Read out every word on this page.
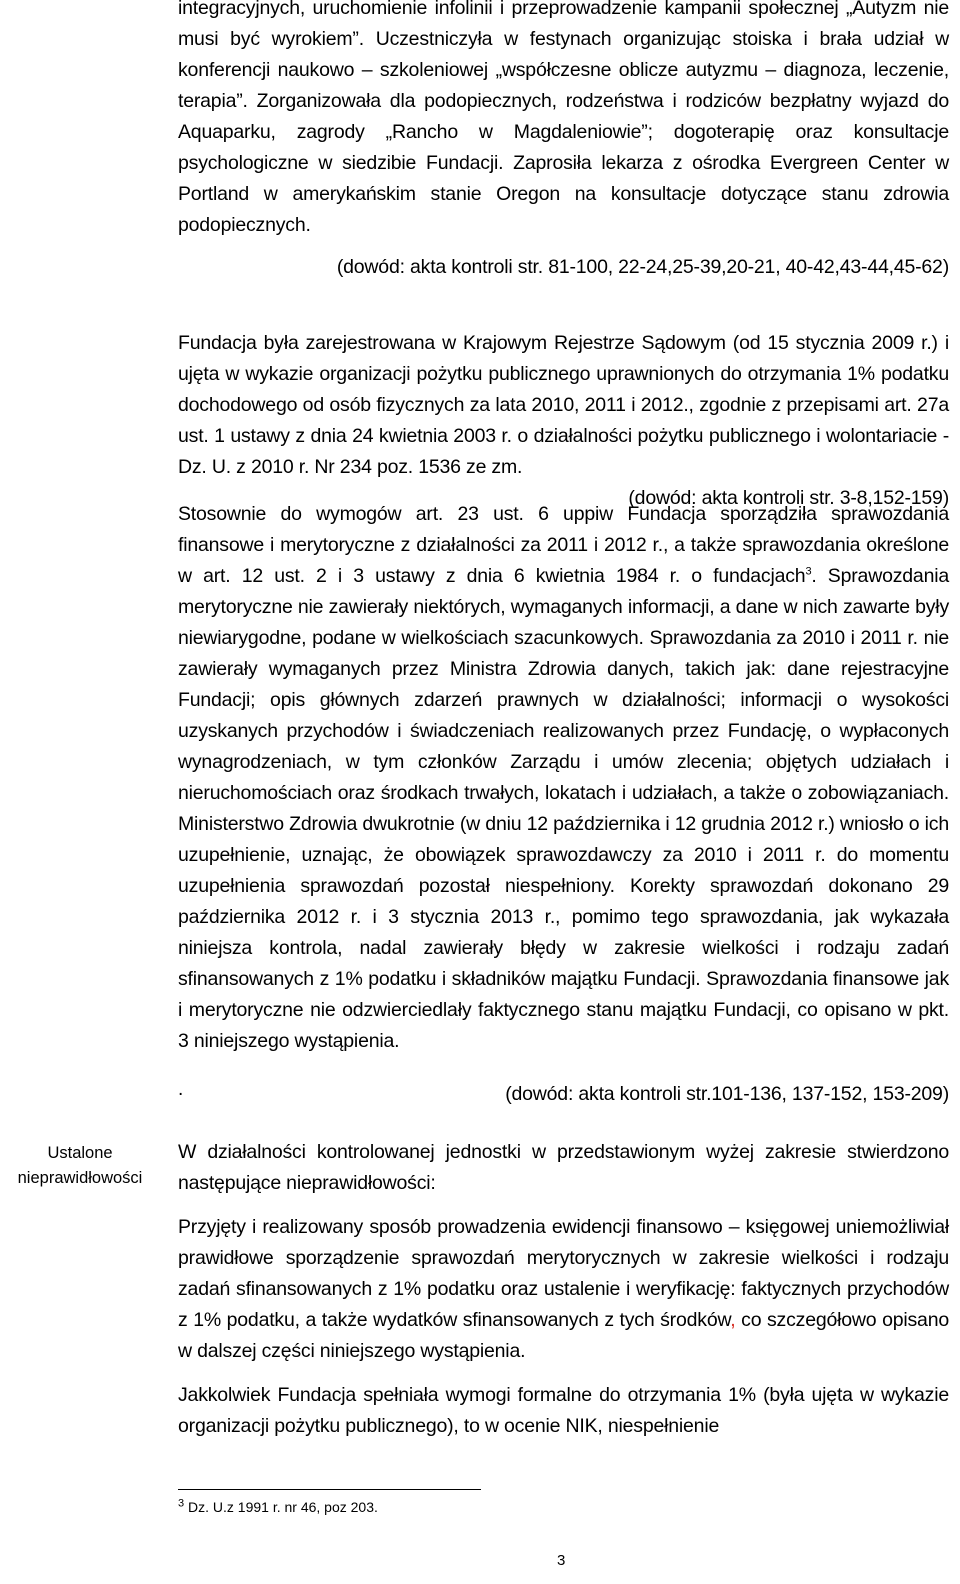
integracyjnych, uruchomienie infolinii i przeprowadzenie kampanii społecznej „Autyzm nie musi być wyrokiem”. Uczestniczyła w festynach organizując stoiska i brała udział w konferencji naukowo – szkoleniowej „współczesne oblicze autyzmu – diagnoza, leczenie, terapia”. Zorganizowała dla podopiecznych, rodzeństwa i rodziców bezpłatny wyjazd do Aquaparku, zagrody „Rancho w Magdaleniowie”; dogoterapię oraz konsultacje psychologiczne w siedzibie Fundacji. Zaprosiła lekarza z ośrodka Evergreen Center w Portland w amerykańskim stanie Oregon na konsultacje dotyczące stanu zdrowia podopiecznych.

(dowód: akta kontroli str. 81-100, 22-24,25-39,20-21, 40-42,43-44,45-62)

Fundacja była zarejestrowana w Krajowym Rejestrze Sądowym (od 15 stycznia 2009 r.) i ujęta w wykazie organizacji pożytku publicznego uprawnionych do otrzymania 1% podatku dochodowego od osób fizycznych za lata 2010, 2011 i 2012., zgodnie z przepisami art. 27a ust. 1 ustawy z dnia 24 kwietnia 2003 r. o działalności pożytku publicznego i wolontariacie - Dz. U. z 2010 r. Nr 234 poz. 1536 ze zm.

(dowód: akta kontroli str. 3-8,152-159)

Stosownie do wymogów art. 23 ust. 6 uppiw Fundacja sporządziła sprawozdania finansowe i merytoryczne z działalności za 2011 i 2012 r., a także sprawozdania określone w art. 12 ust. 2 i 3 ustawy z dnia 6 kwietnia 1984 r. o fundacjach$^3$. Sprawozdania merytoryczne nie zawierały niektórych, wymaganych informacji, a dane w nich zawarte były niewiarygodne, podane w wielkościach szacunkowych. Sprawozdania za 2010 i 2011 r. nie zawierały wymaganych przez Ministra Zdrowia danych, takich jak: dane rejestracyjne Fundacji; opis głównych zdarzeń prawnych w działalności; informacji o wysokości uzyskanych przychodów i świadczeniach realizowanych przez Fundację, o wypłaconych wynagrodzeniach, w tym członków Zarządu i umów zlecenia; objętych udziałach i nieruchomościach oraz środkach trwałych, lokatach i udziałach, a także o zobowiązaniach. Ministerstwo Zdrowia dwukrotnie (w dniu 12 października i 12 grudnia 2012 r.) wniosło o ich uzupełnienie, uznając, że obowiązek sprawozdawczy za 2010 i 2011 r. do momentu uzupełnienia sprawozdań pozostał niespełniony. Korekty sprawozdań dokonano 29 października 2012 r. i 3 stycznia 2013 r., pomimo tego sprawozdania, jak wykazała niniejsza kontrola, nadal zawierały błędy w zakresie wielkości i rodzaju zadań sfinansowanych z 1% podatku i składników majątku Fundacji. Sprawozdania finansowe jak i merytoryczne nie odzwierciedlały faktycznego stanu majątku Fundacji, co opisano w pkt. 3 niniejszego wystąpienia.

(dowód: akta kontroli str.101-136, 137-152, 153-209)

.
Ustalone nieprawidłowości

W działalności kontrolowanej jednostki w przedstawionym wyżej zakresie stwierdzono następujące nieprawidłowości:

Przyjęty i realizowany sposób prowadzenia ewidencji finansowo – księgowej uniemożliwiał prawidłowe sporządzenie sprawozdań merytorycznych w zakresie wielkości i rodzaju zadań sfinansowanych z 1% podatku oraz ustalenie i weryfikację: faktycznych przychodów z 1% podatku, a także wydatków sfinansowanych z tych środków, co szczegółowo opisano w dalszej części niniejszego wystąpienia.

Jakkolwiek Fundacja spełniała wymogi formalne do otrzymania 1% (była ujęta w wykazie organizacji pożytku publicznego), to w ocenie NIK, niespełnienie

$^3$ Dz. U.z 1991 r. nr 46, poz 203.
3
